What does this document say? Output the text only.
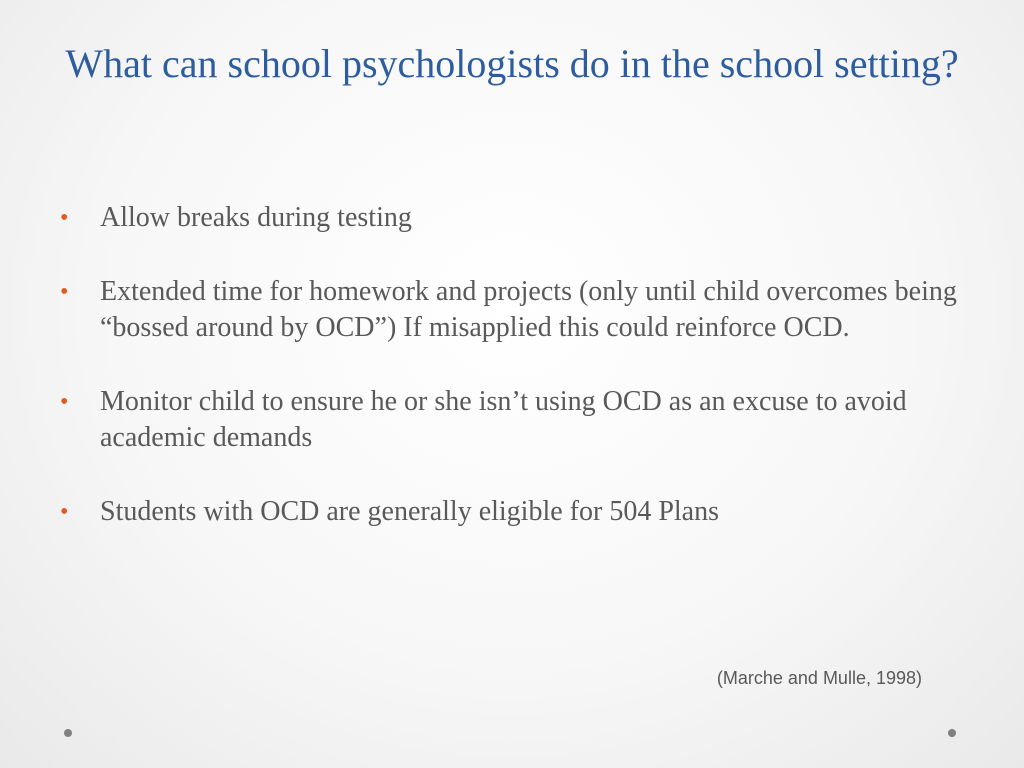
What can school psychologists do in the school setting?
• Allow breaks during testing
• Extended time for homework and projects (only until child overcomes being “bossed around by OCD”) If misapplied this could reinforce OCD.
• Monitor child to ensure he or she isn’t using OCD as an excuse to avoid academic demands
• Students with OCD are generally eligible for 504 Plans
(Marche and Mulle, 1998)
